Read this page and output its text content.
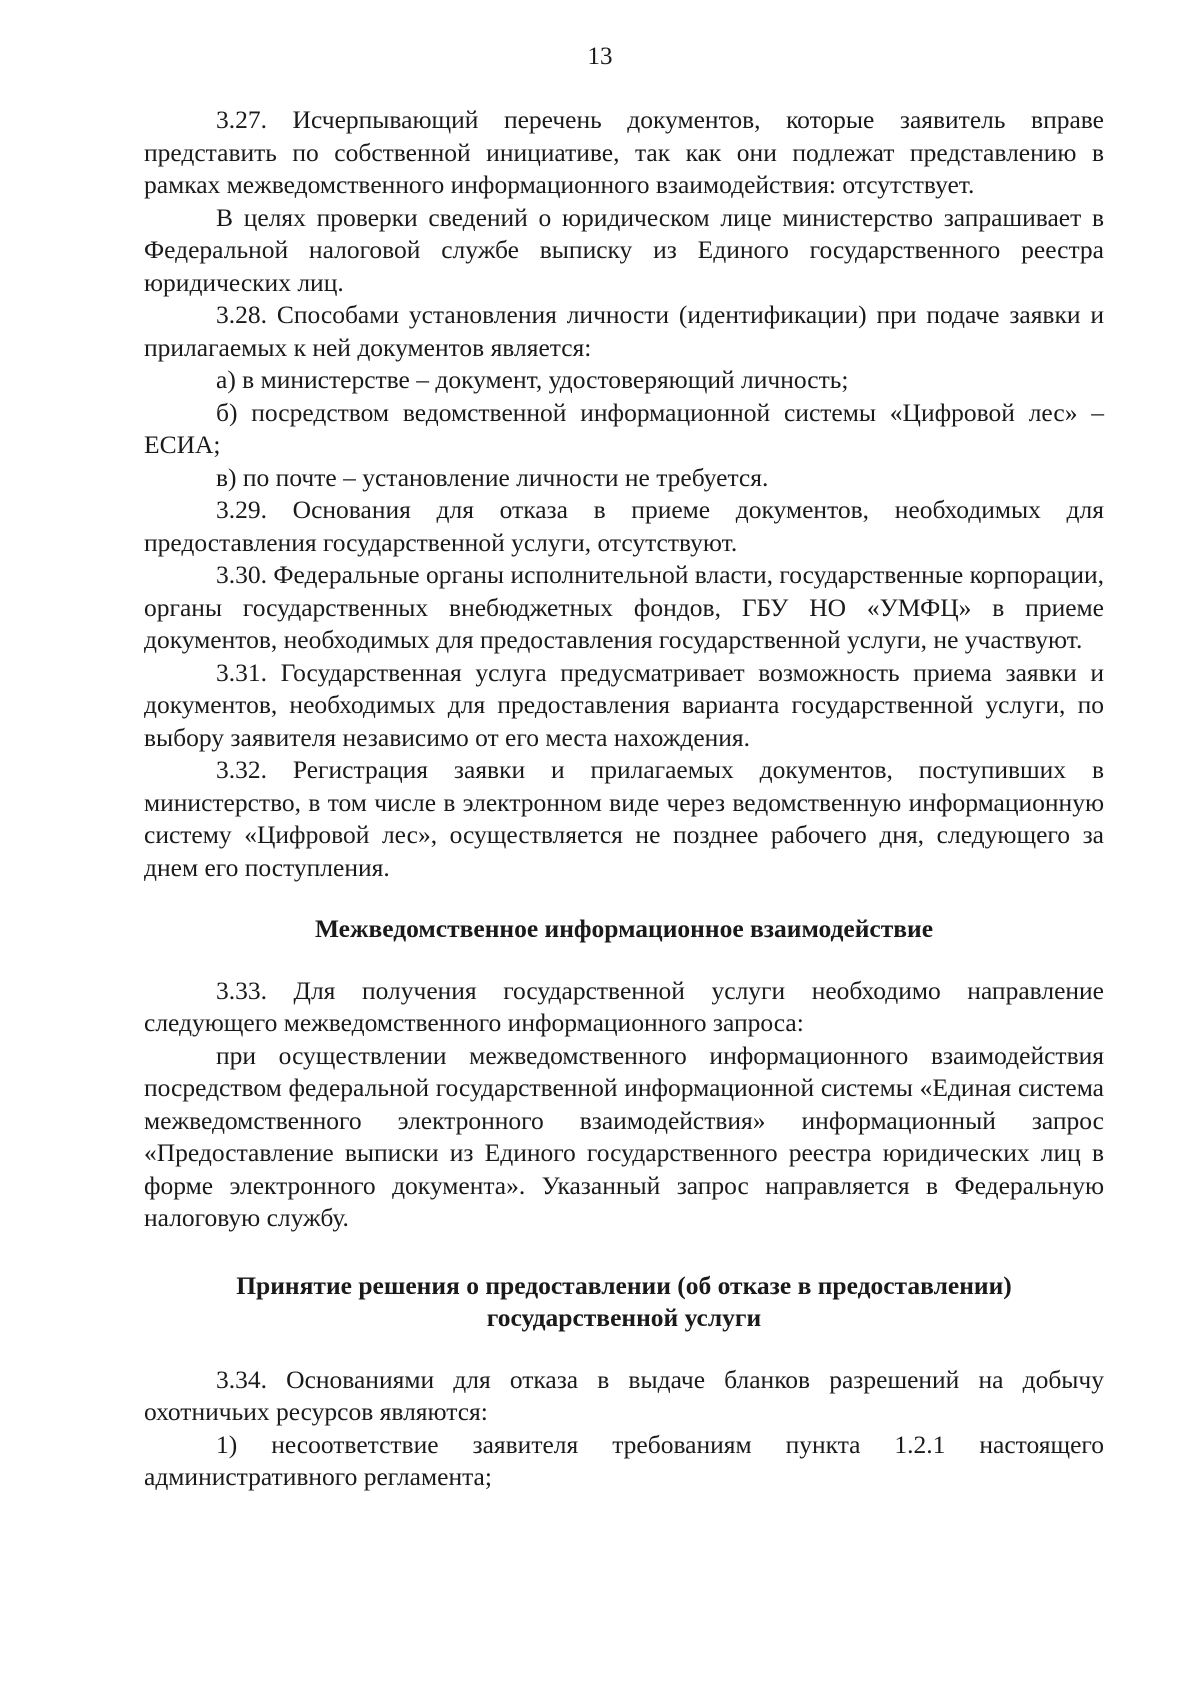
13

3.27. Исчерпывающий перечень документов, которые заявитель вправе представить по собственной инициативе, так как они подлежат представлению в рамках межведомственного информационного взаимодействия: отсутствует.

В целях проверки сведений о юридическом лице министерство запрашивает в Федеральной налоговой службе выписку из Единого государственного реестра юридических лиц.

3.28. Способами установления личности (идентификации) при подаче заявки и прилагаемых к ней документов является:

а) в министерстве – документ, удостоверяющий личность;

б) посредством ведомственной информационной системы «Цифровой лес» – ЕСИА;

в) по почте – установление личности не требуется.

3.29. Основания для отказа в приеме документов, необходимых для предоставления государственной услуги, отсутствуют.

3.30. Федеральные органы исполнительной власти, государственные корпорации, органы государственных внебюджетных фондов, ГБУ НО «УМФЦ» в приеме документов, необходимых для предоставления государственной услуги, не участвуют.

3.31. Государственная услуга предусматривает возможность приема заявки и документов, необходимых для предоставления варианта государственной услуги, по выбору заявителя независимо от его места нахождения.

3.32. Регистрация заявки и прилагаемых документов, поступивших в министерство, в том числе в электронном виде через ведомственную информационную систему «Цифровой лес», осуществляется не позднее рабочего дня, следующего за днем его поступления.

Межведомственное информационное взаимодействие

3.33. Для получения государственной услуги необходимо направление следующего межведомственного информационного запроса:

при осуществлении межведомственного информационного взаимодействия посредством федеральной государственной информационной системы «Единая система межведомственного электронного взаимодействия» информационный запрос «Предоставление выписки из Единого государственного реестра юридических лиц в форме электронного документа». Указанный запрос направляется в Федеральную налоговую службу.

Принятие решения о предоставлении (об отказе в предоставлении)
государственной услуги

3.34. Основаниями для отказа в выдаче бланков разрешений на добычу охотничьих ресурсов являются:

1) несоответствие заявителя требованиям пункта 1.2.1 настоящего административного регламента;
